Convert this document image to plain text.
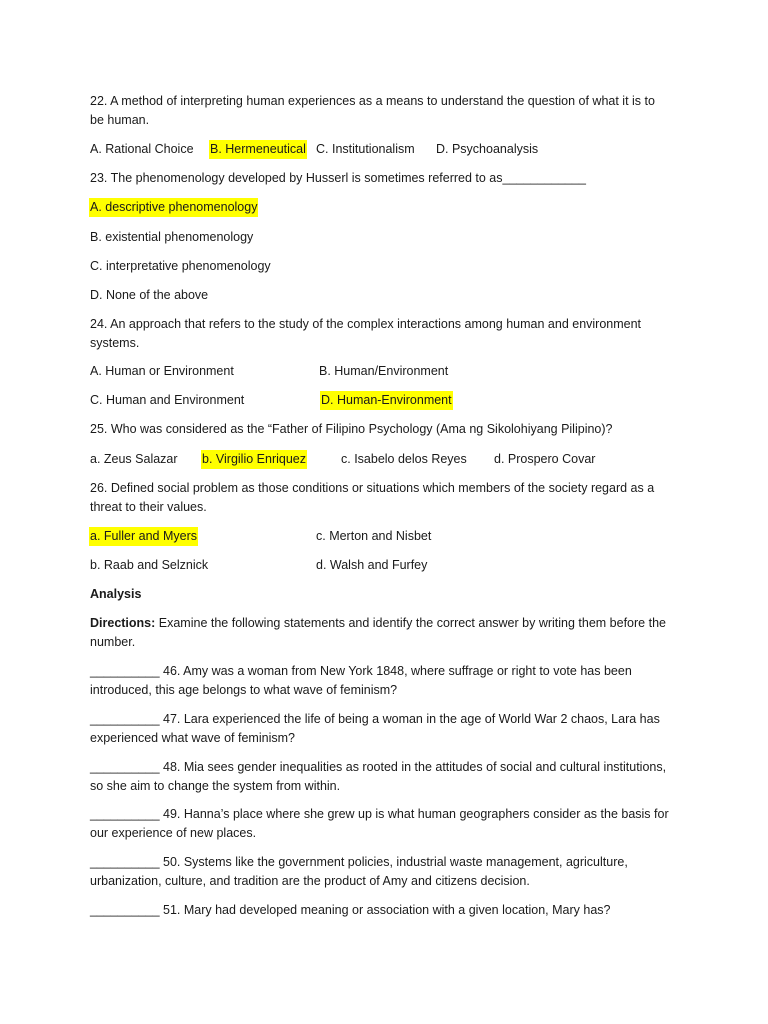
22. A method of interpreting human experiences as a means to understand the question of what it is to
be human.
A. Rational Choice B. Hermeneutical C. Institutionalism D. Psychoanalysis
23. The phenomenology developed by Husserl is sometimes referred to as____________
A. descriptive phenomenology
B. existential phenomenology
C. interpretative phenomenology
D. None of the above
24. An approach that refers to the study of the complex interactions among human and environment
systems.
A. Human or Environment	B. Human/Environment
C. Human and Environment	D. Human-Environment
25. Who was considered as the “Father of Filipino Psychology (Ama ng Sikolohiyang Pilipino)?
a. Zeus Salazar b. Virgilio Enriquez	c. Isabelo delos Reyes d. Prospero Covar
26. Defined social problem as those conditions or situations which members of the society regard as a
threat to their values.
a. Fuller and Myers	c. Merton and Nisbet
b. Raab and Selznick	d. Walsh and Furfey
Analysis
Directions: Examine the following statements and identify the correct answer by writing them before the
number.
__________ 46. Amy was a woman from New York 1848, where suffrage or right to vote has been
introduced, this age belongs to what wave of feminism?
__________ 47. Lara experienced the life of being a woman in the age of World War 2 chaos, Lara has
experienced what wave of feminism?
__________ 48. Mia sees gender inequalities as rooted in the attitudes of social and cultural institutions,
so she aim to change the system from within.
__________ 49. Hanna’s place where she grew up is what human geographers consider as the basis for
our experience of new places.
__________ 50. Systems like the government policies, industrial waste management, agriculture,
urbanization, culture, and tradition are the product of Amy and citizens decision.
__________ 51. Mary had developed meaning or association with a given location, Mary has?
